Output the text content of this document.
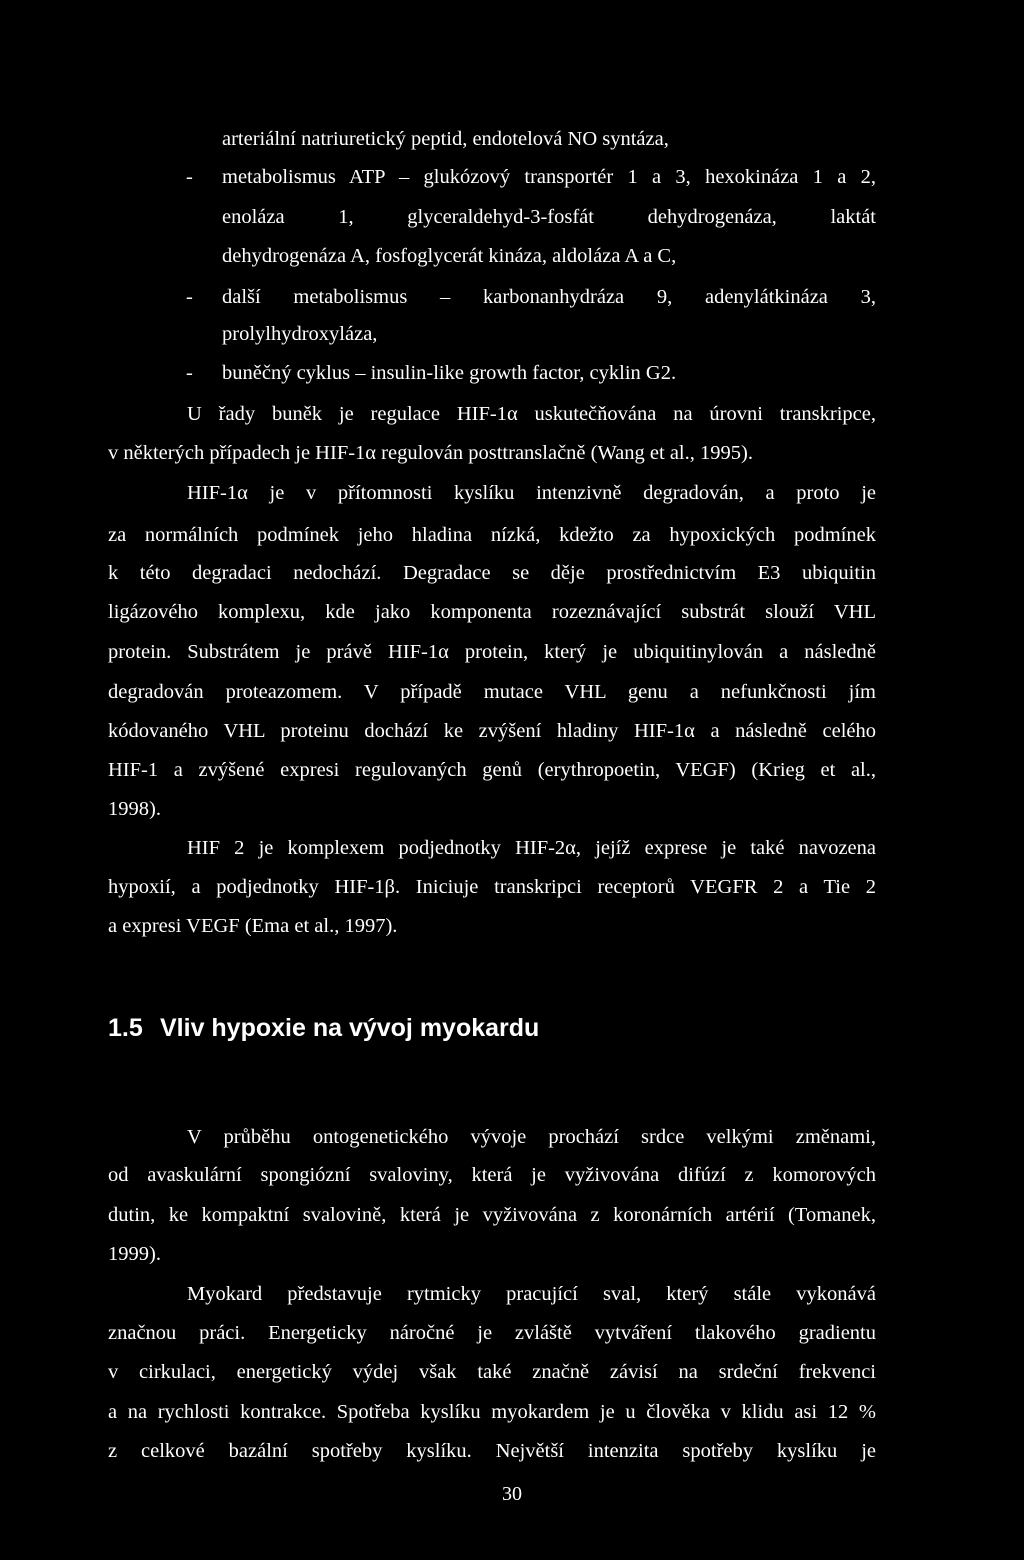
arteriální natriuretický peptid, endotelová NO syntáza,
- metabolismus ATP – glukózový transportér 1 a 3, hexokináza 1 a 2,
enoláza 1, glyceraldehyd-3-fosfát dehydrogenáza, laktát
dehydrogenáza A, fosfoglycerát kináza, aldoláza A a C,
- další metabolismus – karbonanhydráza 9, adenylátkináza 3,
prolylhydroxyláza,
- buněčný cyklus – insulin-like growth factor, cyklin G2.
U řady buněk je regulace HIF-1α uskutečňována na úrovni transkripce,
v některých případech je HIF-1α regulován posttranslačně (Wang et al., 1995).
HIF-1α je v přítomnosti kyslíku intenzivně degradován, a proto je
za normálních podmínek jeho hladina nízká, kdežto za hypoxických podmínek
k této degradaci nedochází. Degradace se děje prostřednictvím E3 ubiquitin
ligázového komplexu, kde jako komponenta rozeznávající substrát slouží VHL
protein. Substrátem je právě HIF-1α protein, který je ubiquitinylován a následně
degradován proteazomem. V případě mutace VHL genu a nefunkčnosti jím
kódovaného VHL proteinu dochází ke zvýšení hladiny HIF-1α a následně celého
HIF-1 a zvýšené expresi regulovaných genů (erythropoetin, VEGF) (Krieg et al.,
1998).
HIF 2 je komplexem podjednotky HIF-2α, jejíž exprese je také navozena
hypoxií, a podjednotky HIF-1β. Iniciuje transkripci receptorů VEGFR 2 a Tie 2
a expresi VEGF (Ema et al., 1997).
1.5 Vliv hypoxie na vývoj myokardu
V průběhu ontogenetického vývoje prochází srdce velkými změnami,
od avaskulární spongiózní svaloviny, která je vyživována difúzí z komorových
dutin, ke kompaktní svalovině, která je vyživována z koronárních artérií (Tomanek,
1999).
Myokard představuje rytmicky pracující sval, který stále vykonává
značnou práci. Energeticky náročné je zvláště vytváření tlakového gradientu
v cirkulaci, energetický výdej však také značně závisí na srdeční frekvenci
a na rychlosti kontrakce. Spotřeba kyslíku myokardem je u člověka v klidu asi 12 %
z celkové bazální spotřeby kyslíku. Největší intenzita spotřeby kyslíku je
30
